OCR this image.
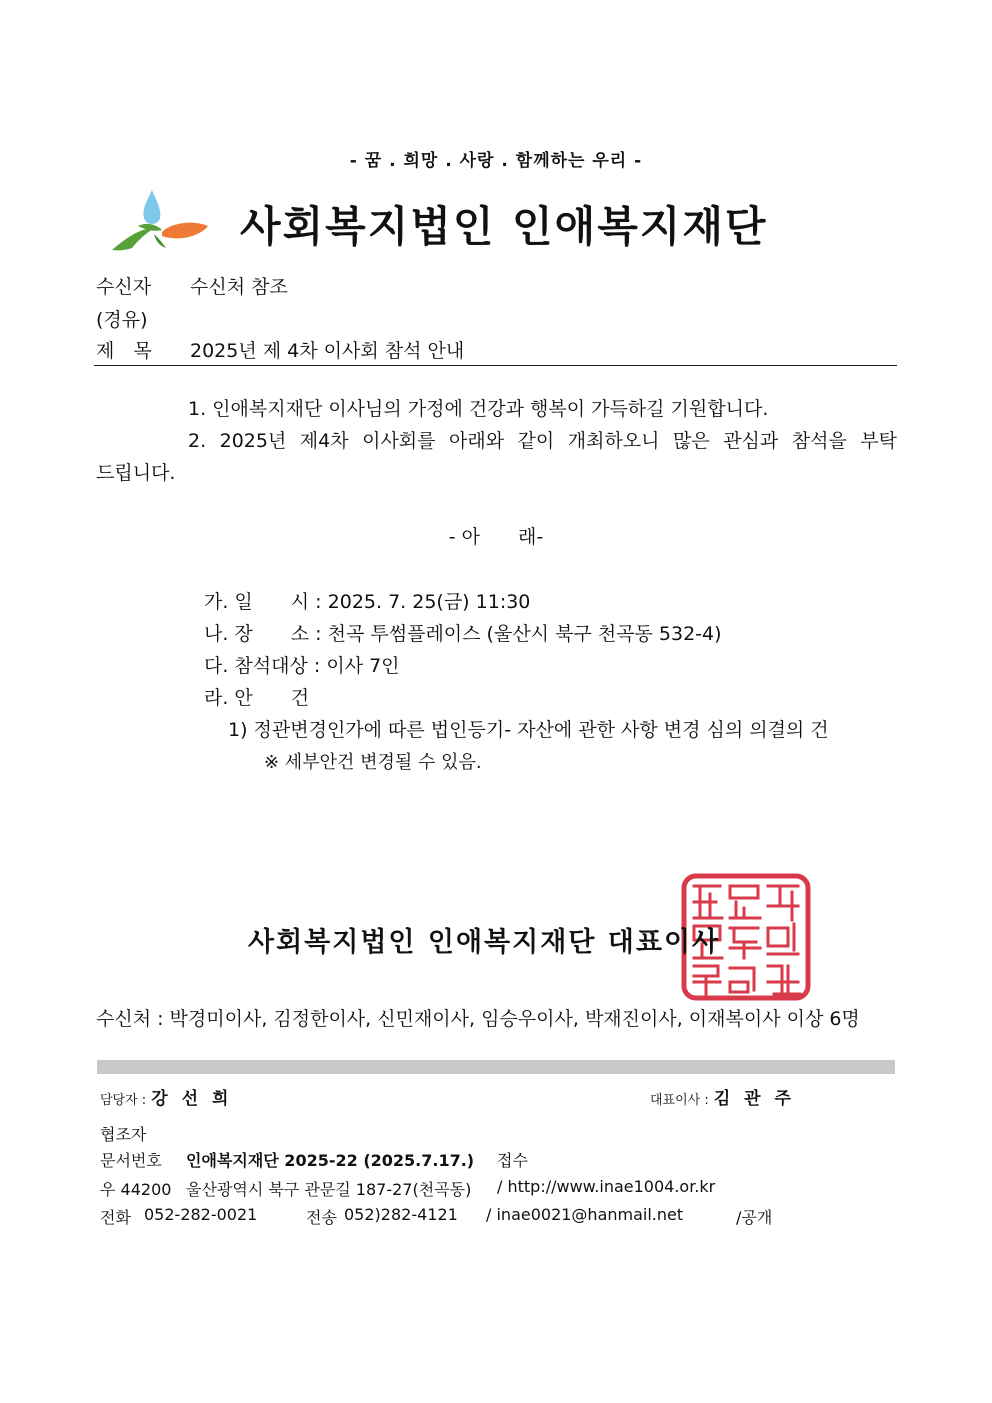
- 꿈 . 희망 . 사랑 . 함께하는 우리 -
사회복지법인 인애복지재단
수신자 수신처 참조
(경유)
제　목 2025년 제 4차 이사회 참석 안내
1. 인애복지재단 이사님의 가정에 건강과 행복이 가득하길 기원합니다.
2. 2025년 제4차 이사회를 아래와 같이 개최하오니 많은 관심과 참석을 부탁
드립니다.
- 아　　래-
가. 일　　시 : 2025. 7. 25(금) 11:30
나. 장　　소 : 천곡 투썸플레이스 (울산시 북구 천곡동 532-4)
다. 참석대상 : 이사 7인
라. 안　　건
1) 정관변경인가에 따른 법인등기- 자산에 관한 사항 변경 심의 의결의 건
※ 세부안건 변경될 수 있음.
사회복지법인 인애복지재단 대표이사
수신처 : 박경미이사, 김정한이사, 신민재이사, 임승우이사, 박재진이사, 이재복이사 이상 6명
담당자 : 강 선 희	대표이사 : 김 관 주
협조자
문서번호 인애복지재단 2025-22 (2025.7.17.) 접수
우 44200 울산광역시 북구 관문길 187-27(천곡동) / http://www.inae1004.or.kr
전화 052-282-0021	전송 052)282-4121 / inae0021@hanmail.net	/공개
